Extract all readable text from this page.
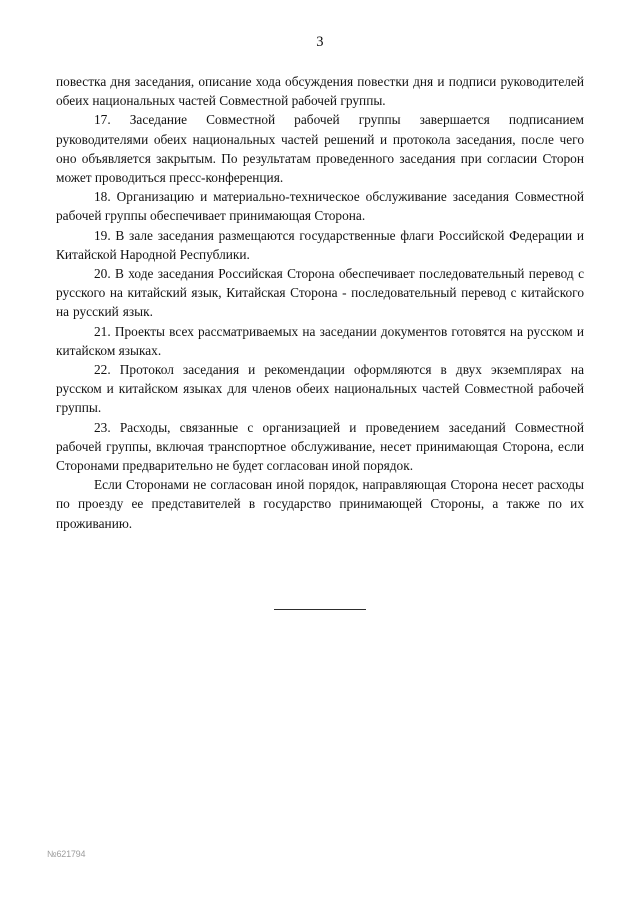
3

повестка дня заседания, описание хода обсуждения повестки дня и подписи руководителей обеих национальных частей Совместной рабочей группы.

17. Заседание Совместной рабочей группы завершается подписанием руководителями обеих национальных частей решений и протокола заседания, после чего оно объявляется закрытым. По результатам проведенного заседания при согласии Сторон может проводиться пресс-конференция.

18. Организацию и материально-техническое обслуживание заседания Совместной рабочей группы обеспечивает принимающая Сторона.

19. В зале заседания размещаются государственные флаги Российской Федерации и Китайской Народной Республики.

20. В ходе заседания Российская Сторона обеспечивает последовательный перевод с русского на китайский язык, Китайская Сторона - последовательный перевод с китайского на русский язык.

21. Проекты всех рассматриваемых на заседании документов готовятся на русском и китайском языках.

22. Протокол заседания и рекомендации оформляются в двух экземплярах на русском и китайском языках для членов обеих национальных частей Совместной рабочей группы.

23. Расходы, связанные с организацией и проведением заседаний Совместной рабочей группы, включая транспортное обслуживание, несет принимающая Сторона, если Сторонами предварительно не будет согласован иной порядок.

Если Сторонами не согласован иной порядок, направляющая Сторона несет расходы по проезду ее представителей в государство принимающей Стороны, а также по их проживанию.

№621794
